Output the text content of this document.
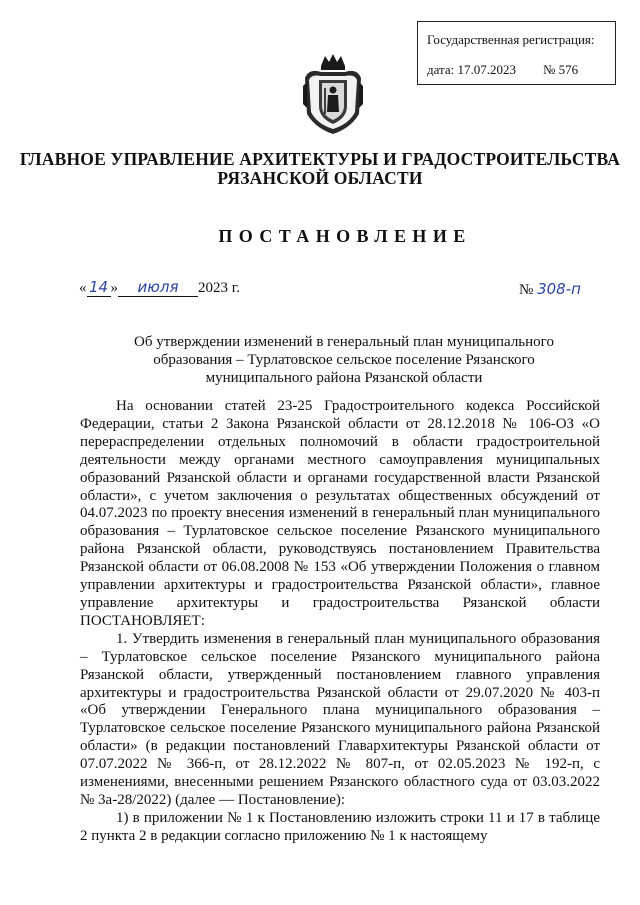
Государственная регистрация:
дата: 17.07.2023 № 576
ГЛАВНОЕ УПРАВЛЕНИЕ АРХИТЕКТУРЫ И ГРАДОСТРОИТЕЛЬСТВА
РЯЗАНСКОЙ ОБЛАСТИ
ПОСТАНОВЛЕНИЕ
« 14 » июля 2023 г.	№ 308-п
Об утверждении изменений в генеральный план муниципального образования – Турлатовское сельское поселение Рязанского муниципального района Рязанской области

На основании статей 23-25 Градостроительного кодекса Российской Федерации, статьи 2 Закона Рязанской области от 28.12.2018 № 106-ОЗ «О перераспределении отдельных полномочий в области градостроительной деятельности между органами местного самоуправления муниципальных образований Рязанской области и органами государственной власти Рязанской области», с учетом заключения о результатах общественных обсуждений от 04.07.2023 по проекту внесения изменений в генеральный план муниципального образования – Турлатовское сельское поселение Рязанского муниципального района Рязанской области, руководствуясь постановлением Правительства Рязанской области от 06.08.2008 № 153 «Об утверждении Положения о главном управлении архитектуры и градостроительства Рязанской области», главное управление архитектуры и градостроительства Рязанской области ПОСТАНОВЛЯЕТ:

1. Утвердить изменения в генеральный план муниципального образования – Турлатовское сельское поселение Рязанского муниципального района Рязанской области, утвержденный постановлением главного управления архитектуры и градостроительства Рязанской области от 29.07.2020 № 403-п «Об утверждении Генерального плана муниципального образования – Турлатовское сельское поселение Рязанского муниципального района Рязанской области» (в редакции постановлений Главархитектуры Рязанской области от 07.07.2022 № 366-п, от 28.12.2022 № 807-п, от 02.05.2023 № 192-п, с изменениями, внесенными решением Рязанского областного суда от 03.03.2022 № 3а-28/2022) (далее — Постановление):

1) в приложении № 1 к Постановлению изложить строки 11 и 17 в таблице 2 пункта 2 в редакции согласно приложению № 1 к настоящему
